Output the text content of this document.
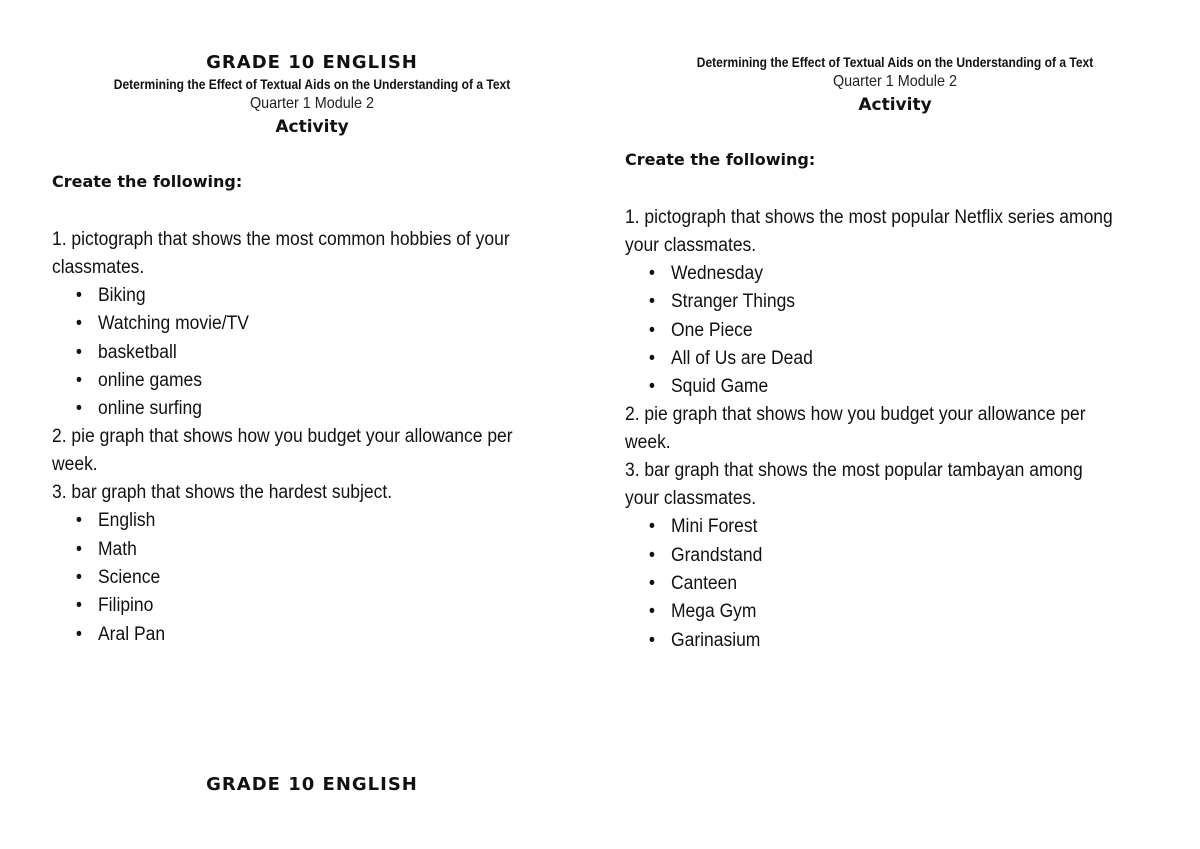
GRADE 10 ENGLISH
Determining the Effect of Textual Aids on the Understanding of a Text
Quarter 1 Module 2
Activity
Create the following:
1. pictograph that shows the most common hobbies of your
classmates.
• Biking
• Watching movie/TV
• basketball
• online games
• online surfing
2. pie graph that shows how you budget your allowance per
week.
3. bar graph that shows the hardest subject.
• English
• Math
• Science
• Filipino
• Aral Pan
Determining the Effect of Textual Aids on the Understanding of a Text
Quarter 1 Module 2
Activity
Create the following:
1. pictograph that shows the most popular Netflix series among
your classmates.
• Wednesday
• Stranger Things
• One Piece
• All of Us are Dead
• Squid Game
2. pie graph that shows how you budget your allowance per
week.
3. bar graph that shows the most popular tambayan among
your classmates.
• Mini Forest
• Grandstand
• Canteen
• Mega Gym
• Garinasium
GRADE 10 ENGLISH
